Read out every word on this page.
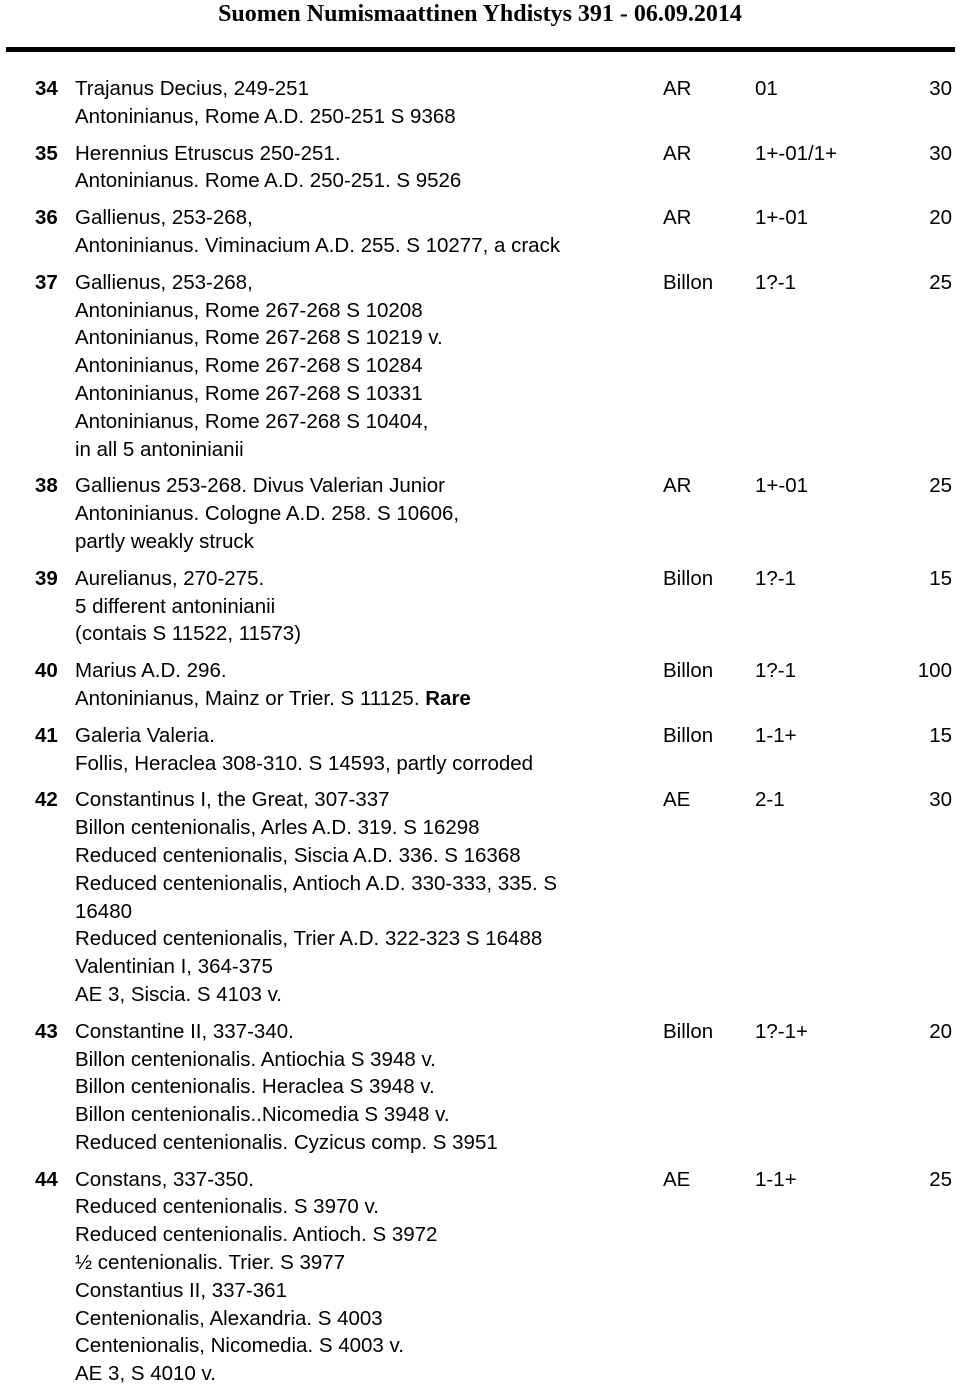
Suomen Numismaattinen Yhdistys 391 - 06.09.2014
34 Trajanus Decius, 249-251
Antoninianus, Rome A.D. 250-251 S 9368
AR	01	30
35 Herennius Etruscus 250-251.
Antoninianus. Rome A.D. 250-251. S 9526
AR	1+-01/1+	30
36 Gallienus, 253-268,
Antoninianus. Viminacium A.D. 255. S 10277, a crack
AR	1+-01	20
37 Gallienus, 253-268,
Antoninianus, Rome 267-268 S 10208
Antoninianus, Rome 267-268 S 10219 v.
Antoninianus, Rome 267-268 S 10284
Antoninianus, Rome 267-268 S 10331
Antoninianus, Rome 267-268 S 10404,
in all 5 antoninianii
Billon 1?-1	25
38 Gallienus 253-268. Divus Valerian Junior
Antoninianus. Cologne A.D. 258. S 10606,
partly weakly struck
AR	1+-01	25
39 Aurelianus, 270-275.
5 different antoninianii
(contais S 11522, 11573)
Billon 1?-1	15
40 Marius A.D. 296.
Antoninianus, Mainz or Trier. S 11125. Rare
Billon 1?-1	100
41 Galeria Valeria.
Follis, Heraclea 308-310. S 14593, partly corroded
Billon 1-1+	15
42 Constantinus I, the Great, 307-337
Billon centenionalis, Arles A.D. 319. S 16298
Reduced centenionalis, Siscia A.D. 336. S 16368
Reduced centenionalis, Antioch A.D. 330-333, 335. S
16480
Reduced centenionalis, Trier A.D. 322-323 S 16488
Valentinian I, 364-375
AE 3, Siscia. S 4103 v.
AE	2-1	30
43 Constantine II, 337-340.
Billon centenionalis. Antiochia S 3948 v.
Billon centenionalis. Heraclea S 3948 v.
Billon centenionalis..Nicomedia S 3948 v.
Reduced centenionalis. Cyzicus comp. S 3951
Billon 1?-1+	20
44 Constans, 337-350.
Reduced centenionalis. S 3970 v.
Reduced centenionalis. Antioch. S 3972
½ centenionalis. Trier. S 3977
Constantius II, 337-361
Centenionalis, Alexandria. S 4003
Centenionalis, Nicomedia. S 4003 v.
AE 3, S 4010 v.
AE	1-1+	25
